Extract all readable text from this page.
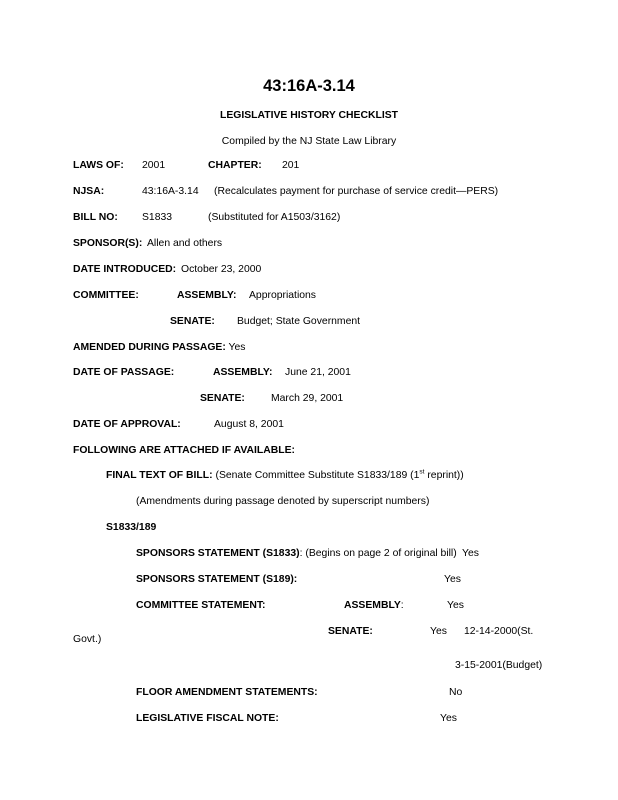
43:16A-3.14
LEGISLATIVE HISTORY CHECKLIST
Compiled by the NJ State Law Library
LAWS OF: 2001	CHAPTER: 201
NJSA:	43:16A-3.14 (Recalculates payment for purchase of service credit—PERS)
BILL NO: S1833	(Substituted for A1503/3162)
SPONSOR(S): Allen and others
DATE INTRODUCED: October 23, 2000
COMMITTEE:	ASSEMBLY: Appropriations
SENATE: Budget; State Government
AMENDED DURING PASSAGE: Yes
DATE OF PASSAGE:	ASSEMBLY: June 21, 2001
SENATE:	March 29, 2001
DATE OF APPROVAL:	August 8, 2001
FOLLOWING ARE ATTACHED IF AVAILABLE:
FINAL TEXT OF BILL: (Senate Committee Substitute S1833/189 (1st reprint))
(Amendments during passage denoted by superscript numbers)
S1833/189
SPONSORS STATEMENT (S1833): (Begins on page 2 of original bill) Yes
SPONSORS STATEMENT (S189):	Yes
COMMITTEE STATEMENT:	ASSEMBLY:	Yes
SENATE:	Yes 12-14-2000(St.
Govt.)
3-15-2001(Budget)
FLOOR AMENDMENT STATEMENTS:	No
LEGISLATIVE FISCAL NOTE:	Yes
